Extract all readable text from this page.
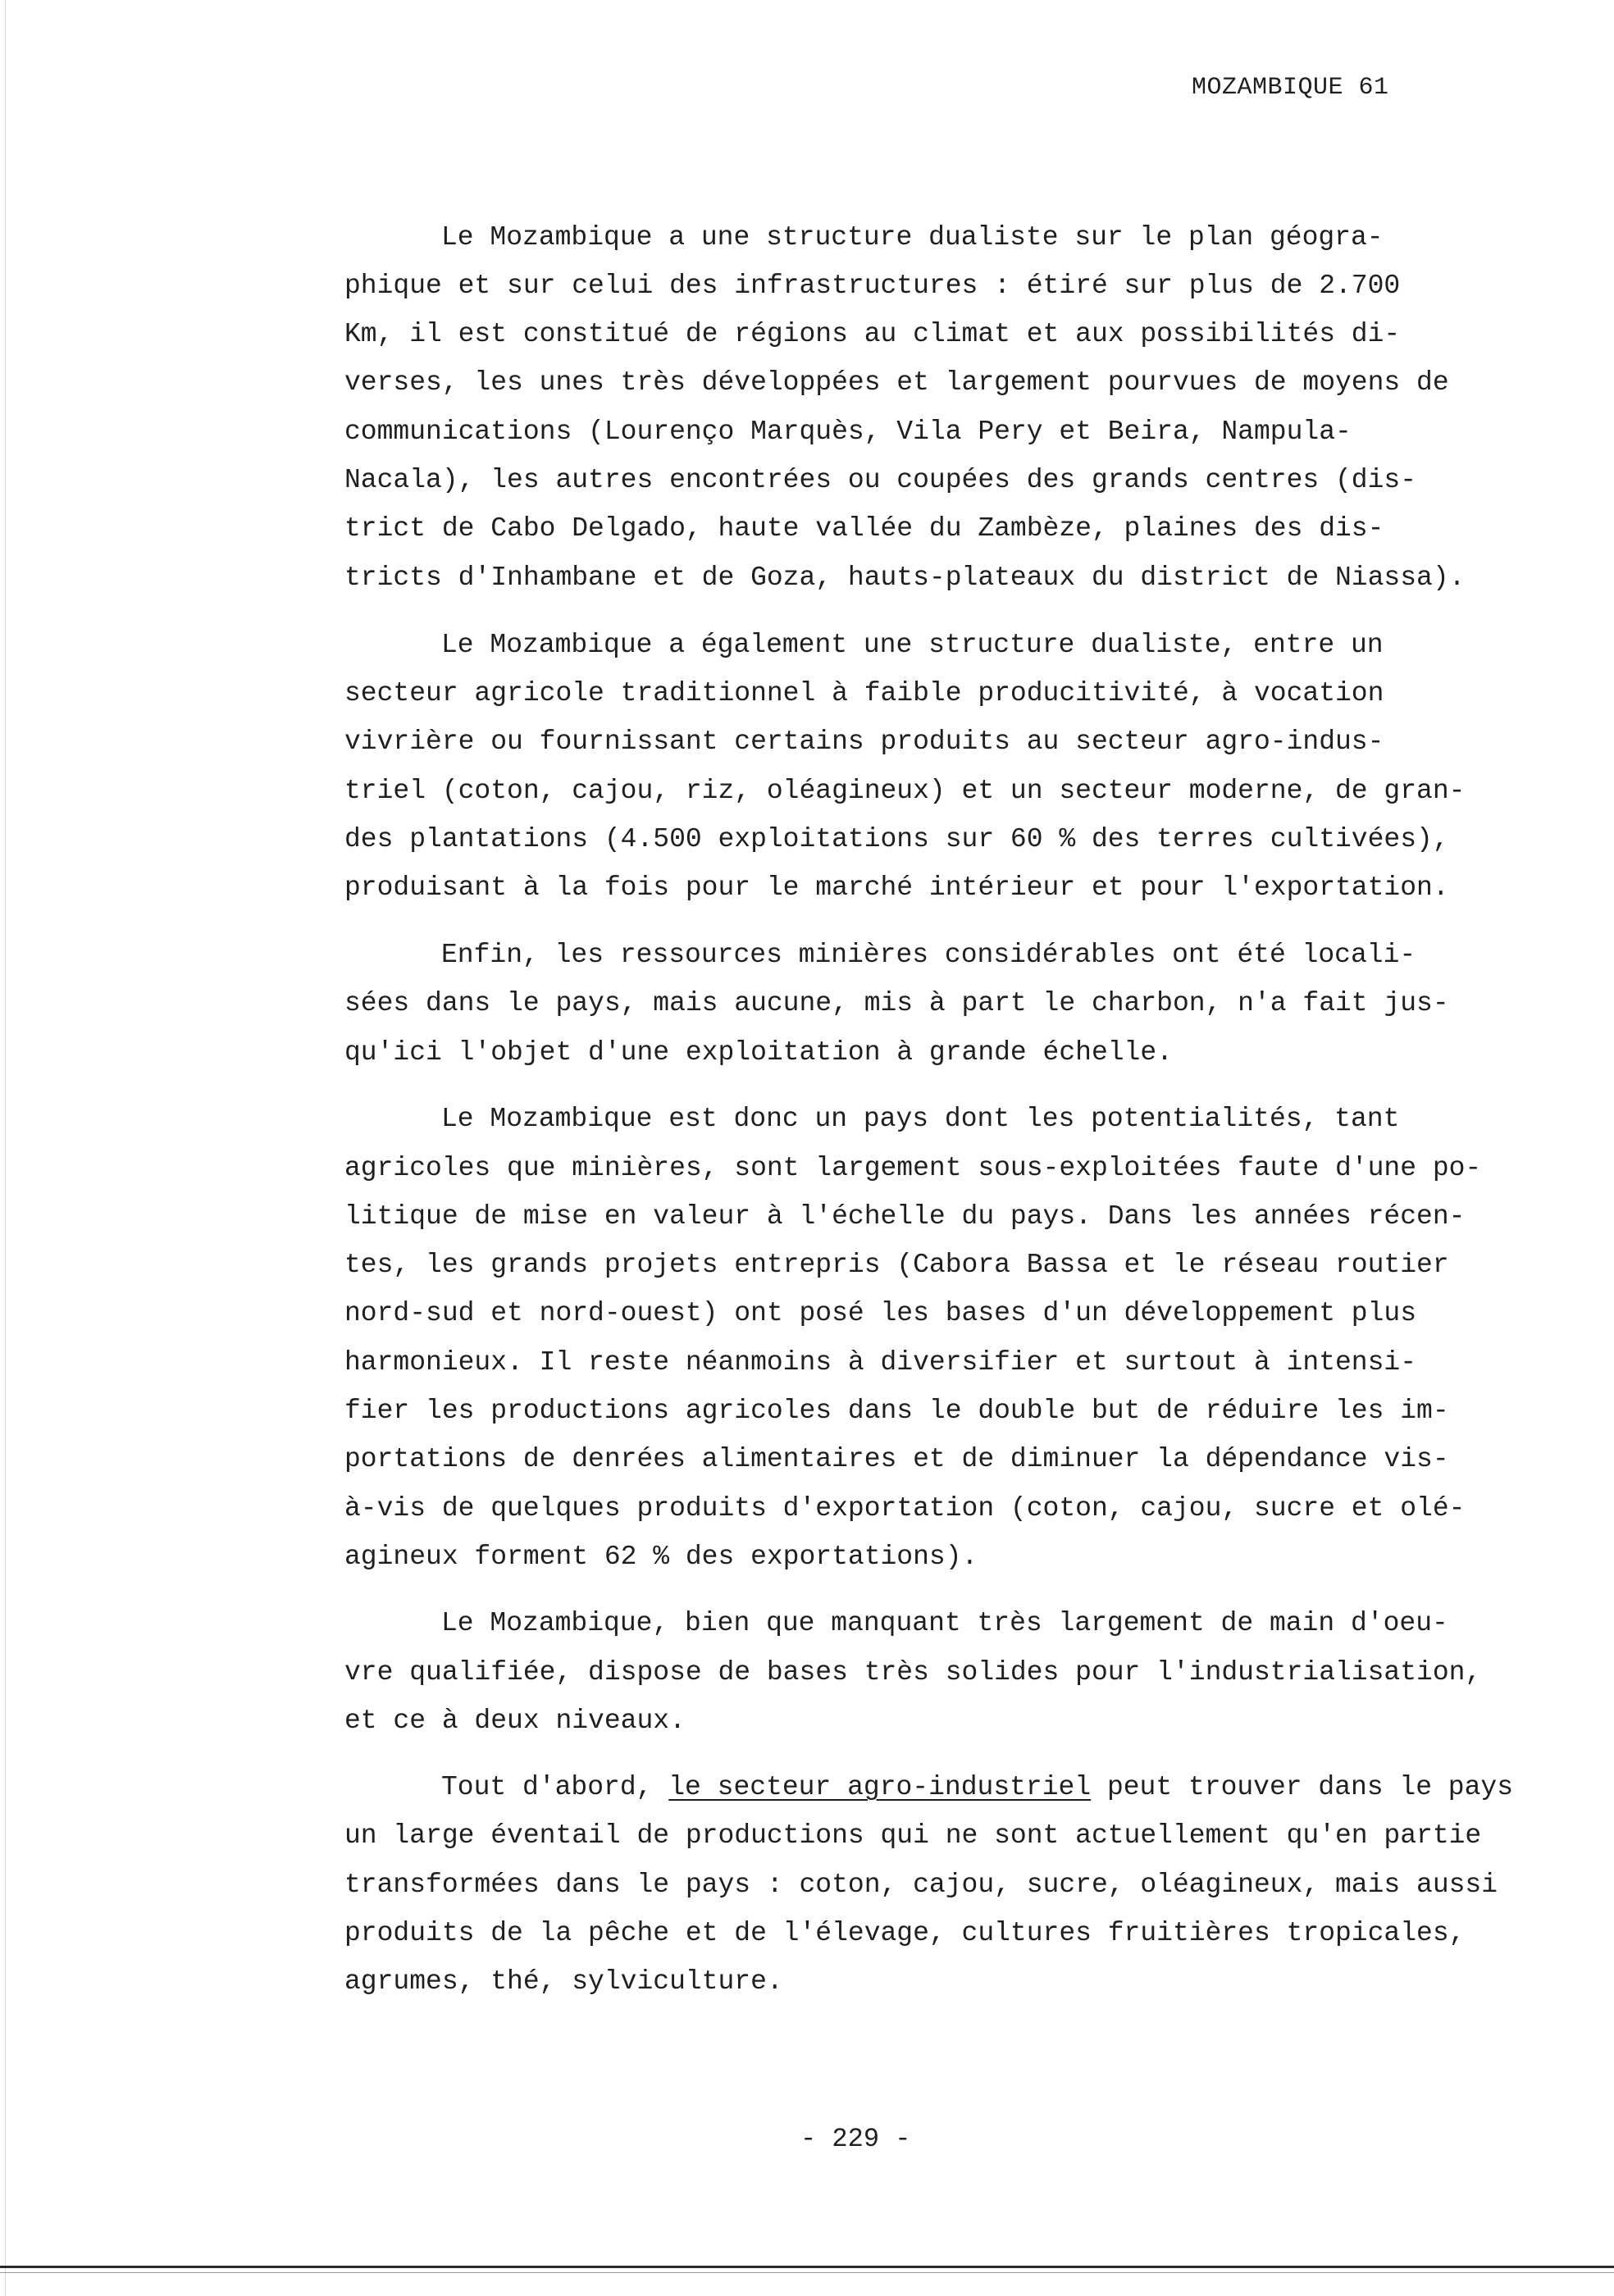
MOZAMBIQUE 61
Le Mozambique a une structure dualiste sur le plan géogra-
phique et sur celui des infrastructures : étiré sur plus de 2.700
Km, il est constitué de régions au climat et aux possibilités di-
verses, les unes très développées et largement pourvues de moyens de
communications (Lourenço Marquès, Vila Pery et Beira, Nampula-
Nacala), les autres encontrées ou coupées des grands centres (dis-
trict de Cabo Delgado, haute vallée du Zambèze, plaines des dis-
tricts d'Inhambane et de Goza, hauts-plateaux du district de Niassa).
Le Mozambique a également une structure dualiste, entre un
secteur agricole traditionnel à faible producitivité, à vocation
vivrière ou fournissant certains produits au secteur agro-indus-
triel (coton, cajou, riz, oléagineux) et un secteur moderne, de gran-
des plantations (4.500 exploitations sur 60 % des terres cultivées),
produisant à la fois pour le marché intérieur et pour l'exportation.
Enfin, les ressources minières considérables ont été locali-
sées dans le pays, mais aucune, mis à part le charbon, n'a fait jus-
qu'ici l'objet d'une exploitation à grande échelle.
Le Mozambique est donc un pays dont les potentialités, tant
agricoles que minières, sont largement sous-exploitées faute d'une po-
litique de mise en valeur à l'échelle du pays. Dans les années récen-
tes, les grands projets entrepris (Cabora Bassa et le réseau routier
nord-sud et nord-ouest) ont posé les bases d'un développement plus
harmonieux. Il reste néanmoins à diversifier et surtout à intensi-
fier les productions agricoles dans le double but de réduire les im-
portations de denrées alimentaires et de diminuer la dépendance vis-
à-vis de quelques produits d'exportation (coton, cajou, sucre et olé-
agineux forment 62 % des exportations).
Le Mozambique, bien que manquant très largement de main d'oeu-
vre qualifiée, dispose de bases très solides pour l'industrialisation,
et ce à deux niveaux.
Tout d'abord, le secteur agro-industriel peut trouver dans le pays
un large éventail de productions qui ne sont actuellement qu'en partie
transformées dans le pays : coton, cajou, sucre, oléagineux, mais aussi
produits de la pêche et de l'élevage, cultures fruitières tropicales,
agrumes, thé, sylviculture.
- 229 -
